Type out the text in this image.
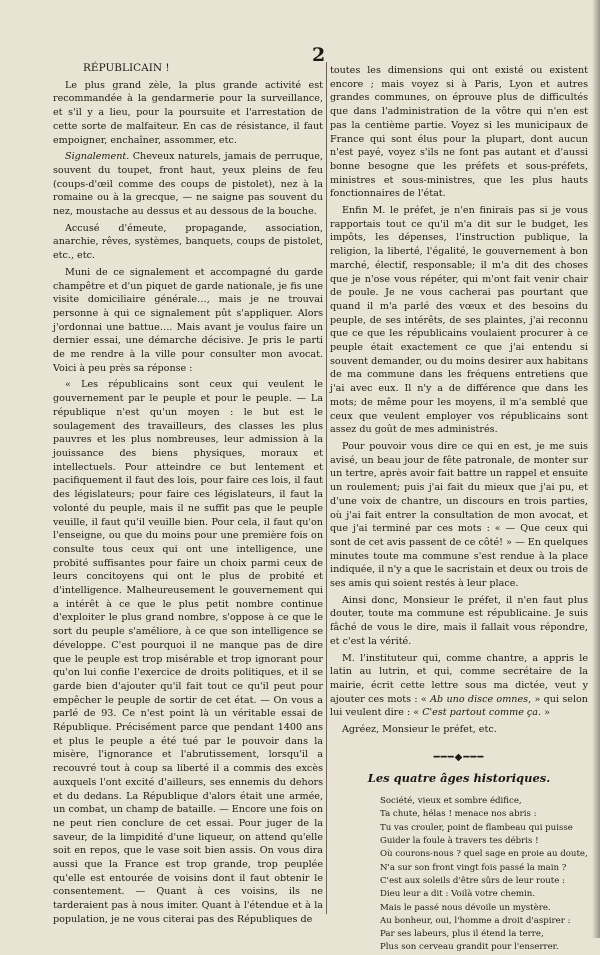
2

RÉPUBLICAIN !

Le plus grand zèle, la plus grande activité est recommandée à la gendarmerie pour la surveillance, et s'il y a lieu, pour la poursuite et l'arrestation de cette sorte de malfaiteur. En cas de résistance, il faut empoigner, enchaîner, assommer, etc.

Signalement. Cheveux naturels, jamais de perruque, souvent du toupet, front haut, yeux pleins de feu (coups-d'œil comme des coups de pistolet), nez à la romaine ou à la grecque, — ne saigne pas souvent du nez, moustache au dessus et au dessous de la bouche.

Accusé d'émeute, propagande, association, anarchie, rêves, systèmes, banquets, coups de pistolet, etc., etc.

Muni de ce signalement et accompagné du garde champêtre et d'un piquet de garde nationale, je fis une visite domiciliaire générale…, mais je ne trouvai personne à qui ce signalement pût s'appliquer. Alors j'ordonnai une battue…. Mais avant je voulus faire un dernier essai, une démarche décisive. Je pris le parti de me rendre à la ville pour consulter mon avocat. Voici à peu près sa réponse :

« Les républicains sont ceux qui veulent le gouvernement par le peuple et pour le peuple. — La république n'est qu'un moyen : le but est le soulagement des travailleurs, des classes les plus pauvres et les plus nombreuses, leur admission à la jouissance des biens physiques, moraux et intellectuels. Pour atteindre ce but lentement et pacifiquement il faut des lois, pour faire ces lois, il faut des législateurs; pour faire ces législateurs, il faut la volonté du peuple, mais il ne suffit pas que le peuple veuille, il faut qu'il veuille bien. Pour cela, il faut qu'on l'enseigne, ou que du moins pour une première fois on consulte tous ceux qui ont une intelligence, une probité suffisantes pour faire un choix parmi ceux de leurs concitoyens qui ont le plus de probité et d'intelligence. Malheureusement le gouvernement qui a intérêt à ce que le plus petit nombre continue d'exploiter le plus grand nombre, s'oppose à ce que le sort du peuple s'améliore, à ce que son intelligence se développe. C'est pourquoi il ne manque pas de dire que le peuple est trop misérable et trop ignorant pour qu'on lui confie l'exercice de droits politiques, et il se garde bien d'ajouter qu'il fait tout ce qu'il peut pour empêcher le peuple de sortir de cet état. — On vous a parlé de 93. Ce n'est point là un véritable essai de République. Précisément parce que pendant 1400 ans et plus le peuple a été tué par le pouvoir dans la misère, l'ignorance et l'abrutissement, lorsqu'il a recouvré tout à coup sa liberté il a commis des excès auxquels l'ont excité d'ailleurs, ses ennemis du dehors et du dedans. La République d'alors était une armée, un combat, un champ de bataille. — Encore une fois on ne peut rien conclure de cet essai. Pour juger de la saveur, de la limpidité d'une liqueur, on attend qu'elle soit en repos, que le vase soit bien assis. On vous dira aussi que la France est trop grande, trop peuplée qu'elle est entourée de voisins dont il faut obtenir le consentement. — Quant à ces voisins, ils ne tarderaient pas à nous imiter. Quant à l'étendue et à la population, je ne vous citerai pas des Républiques de

toutes les dimensions qui ont existé ou existent encore ; mais voyez si à Paris, Lyon et autres grandes communes, on éprouve plus de difficultés que dans l'administration de la vôtre qui n'en est pas la centième partie. Voyez si les municipaux de France qui sont élus pour la plupart, dont aucun n'est payé, voyez s'ils ne font pas autant et d'aussi bonne besogne que les préfets et sous-préfets, ministres et sous-ministres, que les plus hauts fonctionnaires de l'état.

Enfin M. le préfet, je n'en finirais pas si je vous rapportais tout ce qu'il m'a dit sur le budget, les impôts, les dépenses, l'instruction publique, la religion, la liberté, l'égalité, le gouvernement à bon marché, électif, responsable; il m'a dit des choses que je n'ose vous répéter, qui m'ont fait venir chair de poule. Je ne vous cacherai pas pourtant que quand il m'a parlé des vœux et des besoins du peuple, de ses intérêts, de ses plaintes, j'ai reconnu que ce que les républicains voulaient procurer à ce peuple était exactement ce que j'ai entendu si souvent demander, ou du moins desirer aux habitans de ma commune dans les fréquens entretiens que j'ai avec eux. Il n'y a de différence que dans les mots; de même pour les moyens, il m'a semblé que ceux que veulent employer vos républicains sont assez du goût de mes administrés.

Pour pouvoir vous dire ce qui en est, je me suis avisé, un beau jour de fête patronale, de monter sur un tertre, après avoir fait battre un rappel et ensuite un roulement; puis j'ai fait du mieux que j'ai pu, et d'une voix de chantre, un discours en trois parties, où j'ai fait entrer la consultation de mon avocat, et que j'ai terminé par ces mots : « — Que ceux qui sont de cet avis passent de ce côté! » — En quelques minutes toute ma commune s'est rendue à la place indiquée, il n'y a que le sacristain et deux ou trois de ses amis qui soient restés à leur place.

Ainsi donc, Monsieur le préfet, il n'en faut plus douter, toute ma commune est républicaine. Je suis fâché de vous le dire, mais il fallait vous répondre, et c'est la vérité.

M. l'instituteur qui, comme chantre, a appris le latin au lutrin, et qui, comme secrétaire de la mairie, écrit cette lettre sous ma dictée, veut y ajouter ces mots : « Ab uno disce omnes, » qui selon lui veulent dire : « C'est partout comme ça. »

Agréez, Monsieur le préfet, etc.

━━━◆━━━
Les quatre âges historiques.
Société, vieux et sombre édifice,
Ta chute, hélas ! menace nos abris :
Tu vas crouler, point de flambeau qui puisse
Guider la foule à travers tes débris !
Où courons-nous ? quel sage en proie au doute,
N'a sur son front vingt fois passé la main ?
C'est aux soleils d'être sûrs de leur route :
Dieu leur a dit : Voilà votre chemin.
Mais le passé nous dévoile un mystère.
Au bonheur, oui, l'homme a droit d'aspirer :
Par ses labeurs, plus il étend la terre,
Plus son cerveau grandit pour l'enserrer.
